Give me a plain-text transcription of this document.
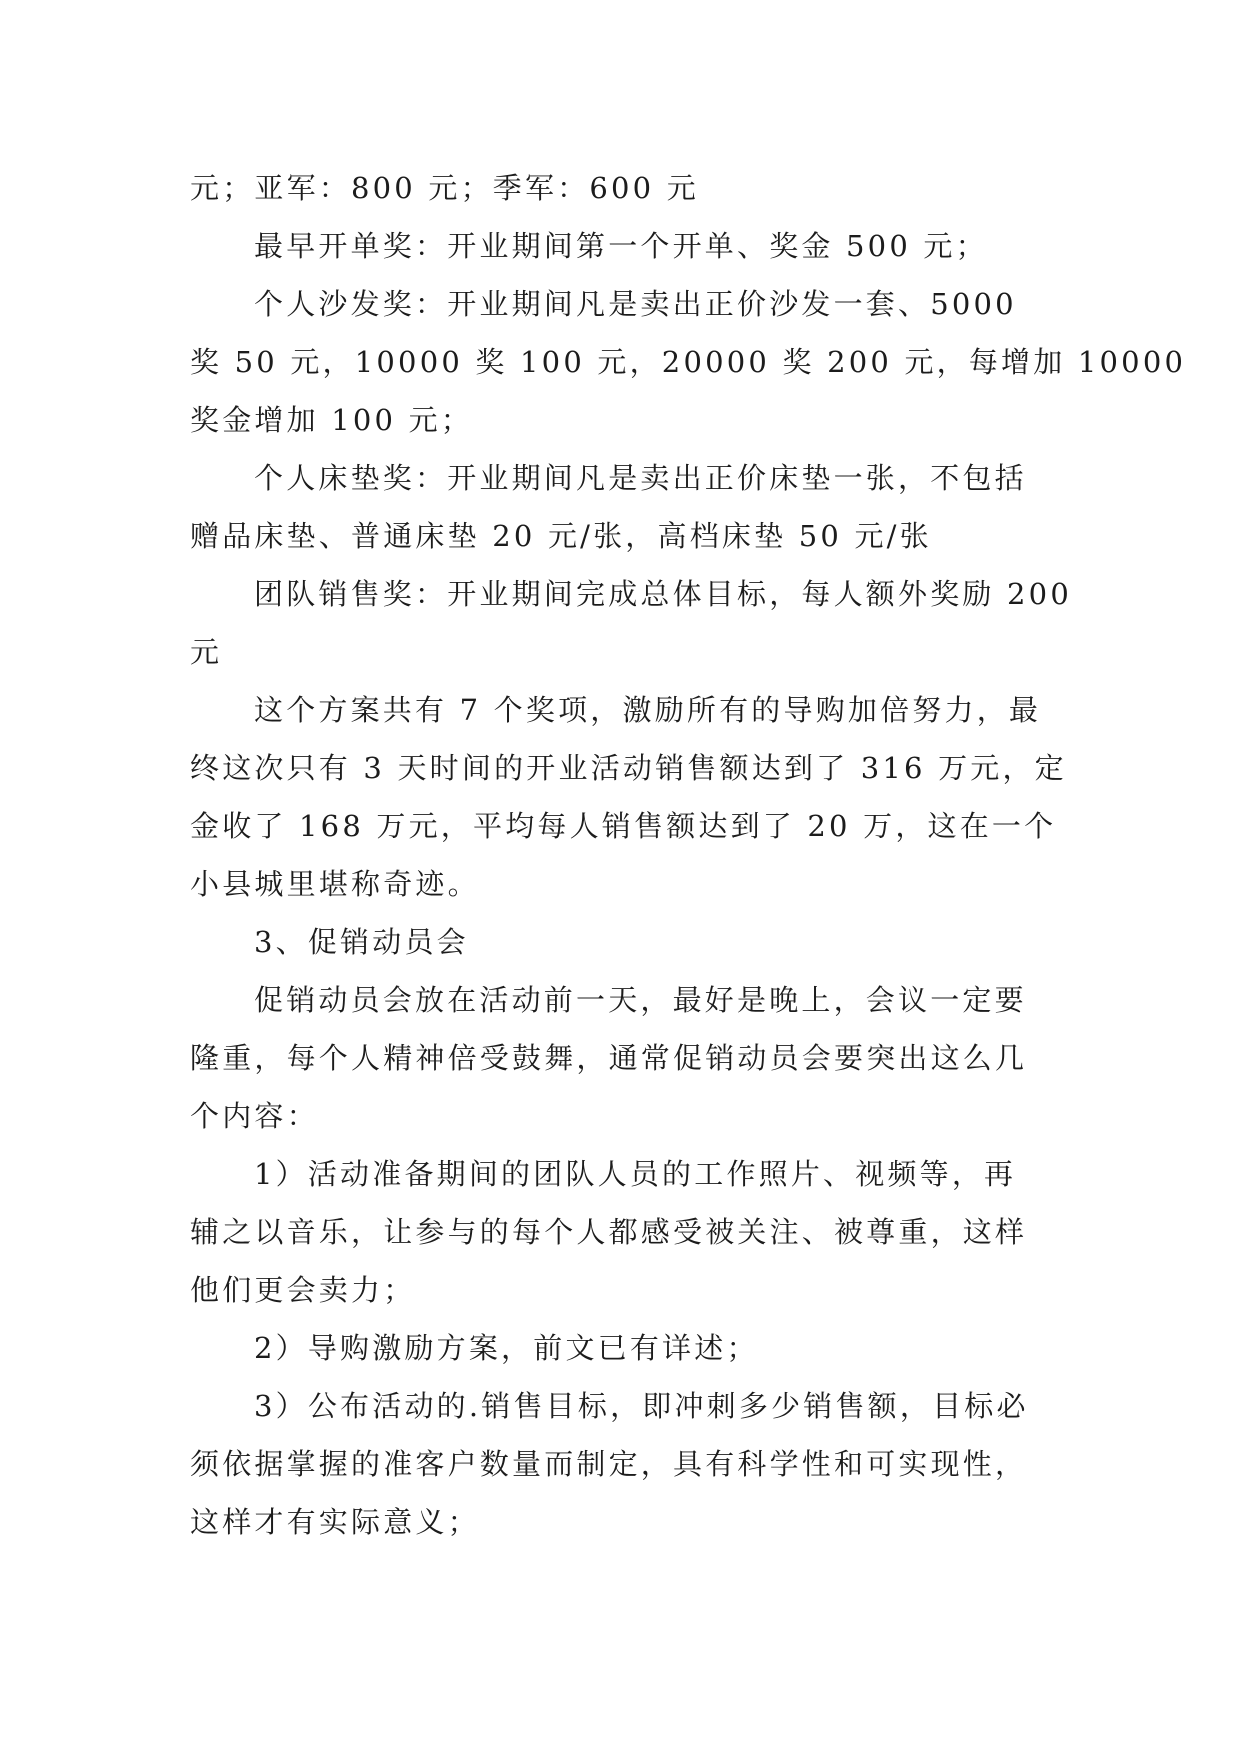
元；亚军：800 元；季军：600 元
最早开单奖：开业期间第一个开单、奖金 500 元；
个人沙发奖：开业期间凡是卖出正价沙发一套、5000
奖 50 元，10000 奖 100 元，20000 奖 200 元，每增加 10000
奖金增加 100 元；
个人床垫奖：开业期间凡是卖出正价床垫一张，不包括
赠品床垫、普通床垫 20 元/张，高档床垫 50 元/张
团队销售奖：开业期间完成总体目标，每人额外奖励 200
元
这个方案共有 7 个奖项，激励所有的导购加倍努力，最
终这次只有 3 天时间的开业活动销售额达到了 316 万元，定
金收了 168 万元，平均每人销售额达到了 20 万，这在一个
小县城里堪称奇迹。
3、促销动员会
促销动员会放在活动前一天，最好是晚上，会议一定要
隆重，每个人精神倍受鼓舞，通常促销动员会要突出这么几
个内容：
1）活动准备期间的团队人员的工作照片、视频等，再
辅之以音乐，让参与的每个人都感受被关注、被尊重，这样
他们更会卖力；
2）导购激励方案，前文已有详述；
3）公布活动的.销售目标，即冲刺多少销售额，目标必
须依据掌握的准客户数量而制定，具有科学性和可实现性，
这样才有实际意义；
